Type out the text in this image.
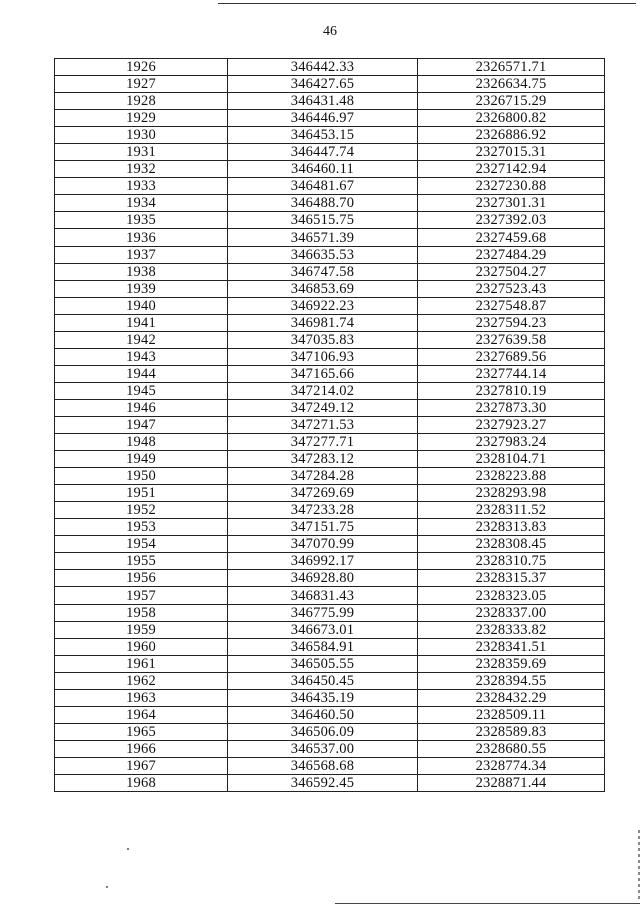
46
1926	346442.33	2326571.71
1927	346427.65	2326634.75
1928	346431.48	2326715.29
1929	346446.97	2326800.82
1930	346453.15	2326886.92
1931	346447.74	2327015.31
1932	346460.11	2327142.94
1933	346481.67	2327230.88
1934	346488.70	2327301.31
1935	346515.75	2327392.03
1936	346571.39	2327459.68
1937	346635.53	2327484.29
1938	346747.58	2327504.27
1939	346853.69	2327523.43
1940	346922.23	2327548.87
1941	346981.74	2327594.23
1942	347035.83	2327639.58
1943	347106.93	2327689.56
1944	347165.66	2327744.14
1945	347214.02	2327810.19
1946	347249.12	2327873.30
1947	347271.53	2327923.27
1948	347277.71	2327983.24
1949	347283.12	2328104.71
1950	347284.28	2328223.88
1951	347269.69	2328293.98
1952	347233.28	2328311.52
1953	347151.75	2328313.83
1954	347070.99	2328308.45
1955	346992.17	2328310.75
1956	346928.80	2328315.37
1957	346831.43	2328323.05
1958	346775.99	2328337.00
1959	346673.01	2328333.82
1960	346584.91	2328341.51
1961	346505.55	2328359.69
1962	346450.45	2328394.55
1963	346435.19	2328432.29
1964	346460.50	2328509.11
1965	346506.09	2328589.83
1966	346537.00	2328680.55
1967	346568.68	2328774.34
1968	346592.45	2328871.44
